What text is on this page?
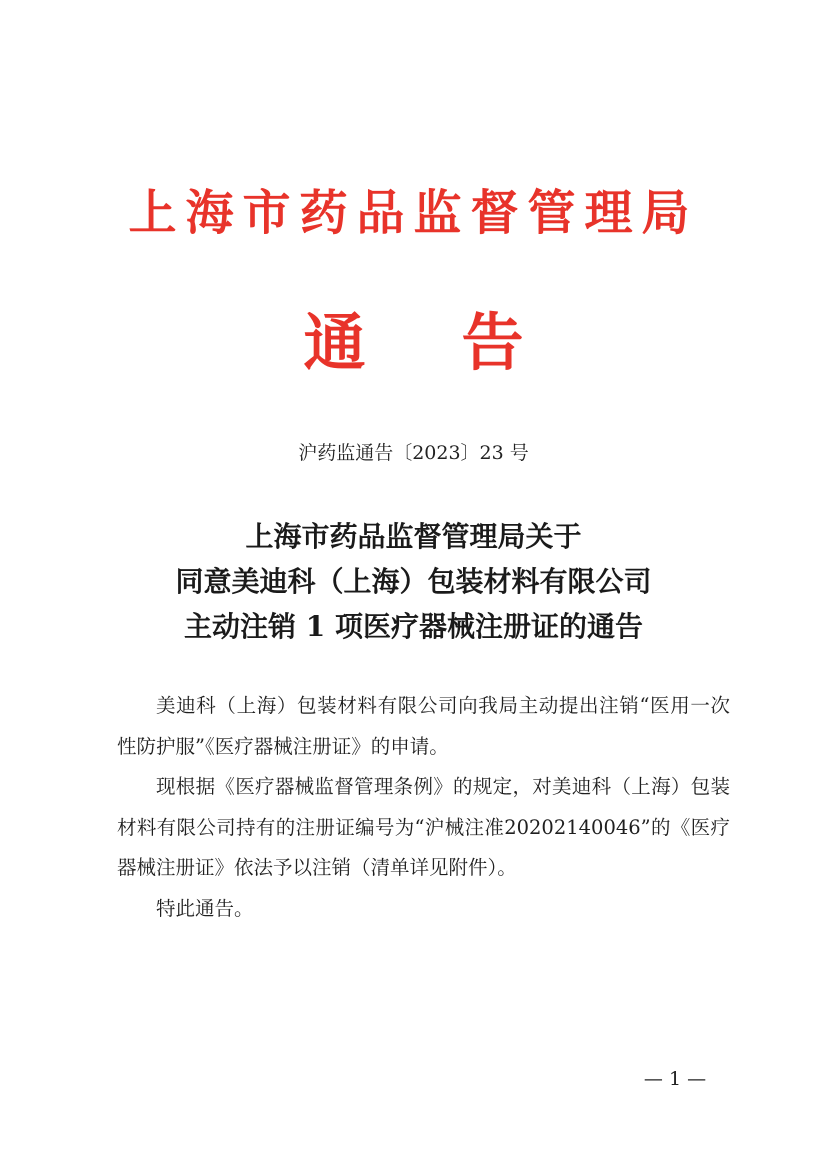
上海市药品监督管理局
通告
沪药监通告〔2023〕23 号
上海市药品监督管理局关于
同意美迪科（上海）包装材料有限公司
主动注销 1 项医疗器械注册证的通告

美迪科（上海）包装材料有限公司向我局主动提出注销“医用一次性防护服”《医疗器械注册证》的申请。

现根据《医疗器械监督管理条例》的规定，对美迪科（上海）包装材料有限公司持有的注册证编号为“沪械注准20202140046”的《医疗器械注册证》依法予以注销（清单详见附件）。

特此通告。

— 1 —
